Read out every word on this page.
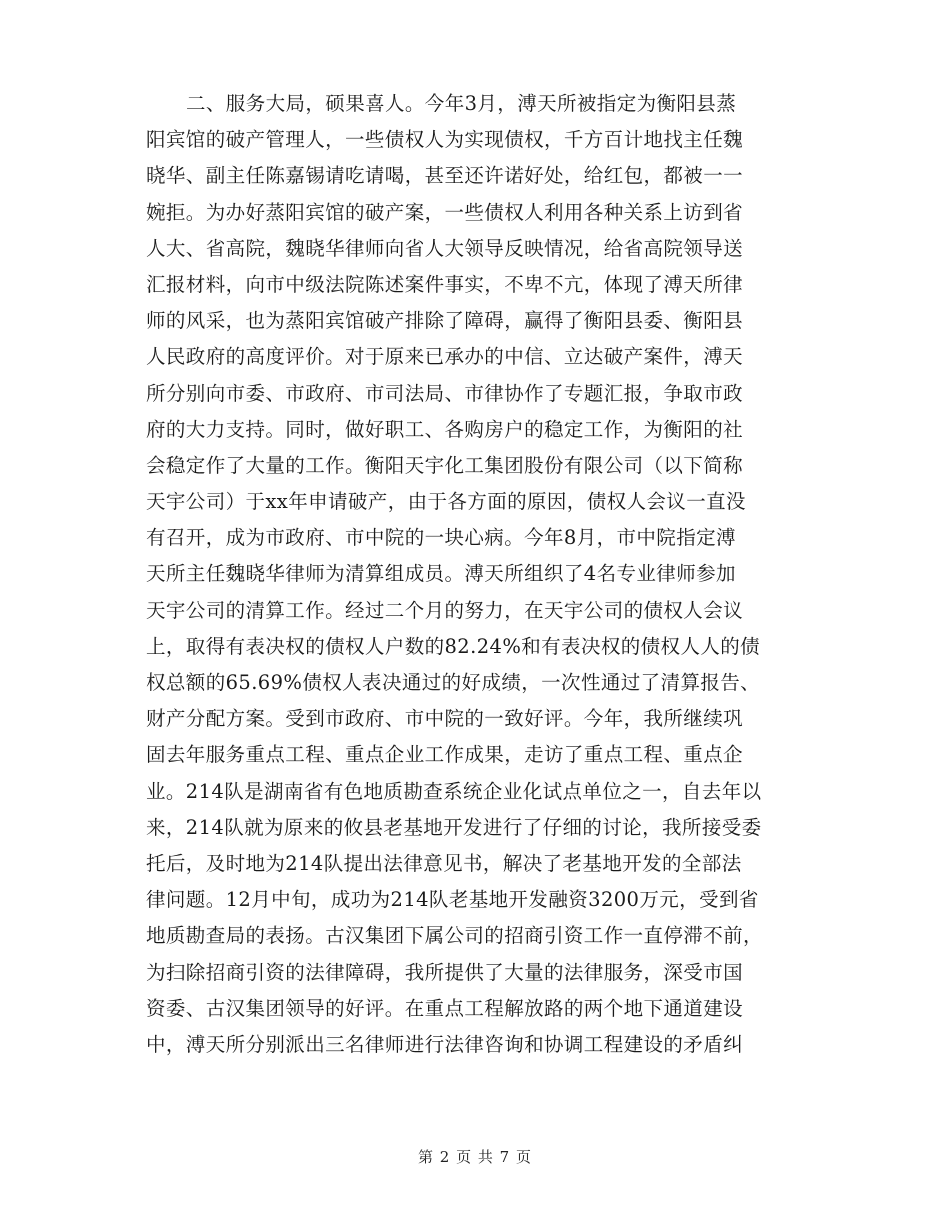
二、服务大局，硕果喜人。今年3月，溥天所被指定为衡阳县蒸
阳宾馆的破产管理人，一些债权人为实现债权，千方百计地找主任魏
晓华、副主任陈嘉锡请吃请喝，甚至还许诺好处，给红包，都被一一
婉拒。为办好蒸阳宾馆的破产案，一些债权人利用各种关系上访到省
人大、省高院，魏晓华律师向省人大领导反映情况，给省高院领导送
汇报材料，向市中级法院陈述案件事实，不卑不亢，体现了溥天所律
师的风采，也为蒸阳宾馆破产排除了障碍，赢得了衡阳县委、衡阳县
人民政府的高度评价。对于原来已承办的中信、立达破产案件，溥天
所分别向市委、市政府、市司法局、市律协作了专题汇报，争取市政
府的大力支持。同时，做好职工、各购房户的稳定工作，为衡阳的社
会稳定作了大量的工作。衡阳天宇化工集团股份有限公司（以下简称
天宇公司）于xx年申请破产，由于各方面的原因，债权人会议一直没
有召开，成为市政府、市中院的一块心病。今年8月，市中院指定溥
天所主任魏晓华律师为清算组成员。溥天所组织了4名专业律师参加
天宇公司的清算工作。经过二个月的努力，在天宇公司的债权人会议
上，取得有表决权的债权人户数的82.24%和有表决权的债权人人的债
权总额的65.69%债权人表决通过的好成绩，一次性通过了清算报告、
财产分配方案。受到市政府、市中院的一致好评。今年，我所继续巩
固去年服务重点工程、重点企业工作成果，走访了重点工程、重点企
业。214队是湖南省有色地质勘查系统企业化试点单位之一，自去年以
来，214队就为原来的攸县老基地开发进行了仔细的讨论，我所接受委
托后，及时地为214队提出法律意见书，解决了老基地开发的全部法
律问题。12月中旬，成功为214队老基地开发融资3200万元，受到省
地质勘查局的表扬。古汉集团下属公司的招商引资工作一直停滞不前，
为扫除招商引资的法律障碍，我所提供了大量的法律服务，深受市国
资委、古汉集团领导的好评。在重点工程解放路的两个地下通道建设
中，溥天所分别派出三名律师进行法律咨询和协调工程建设的矛盾纠
第 2 页 共 7 页
